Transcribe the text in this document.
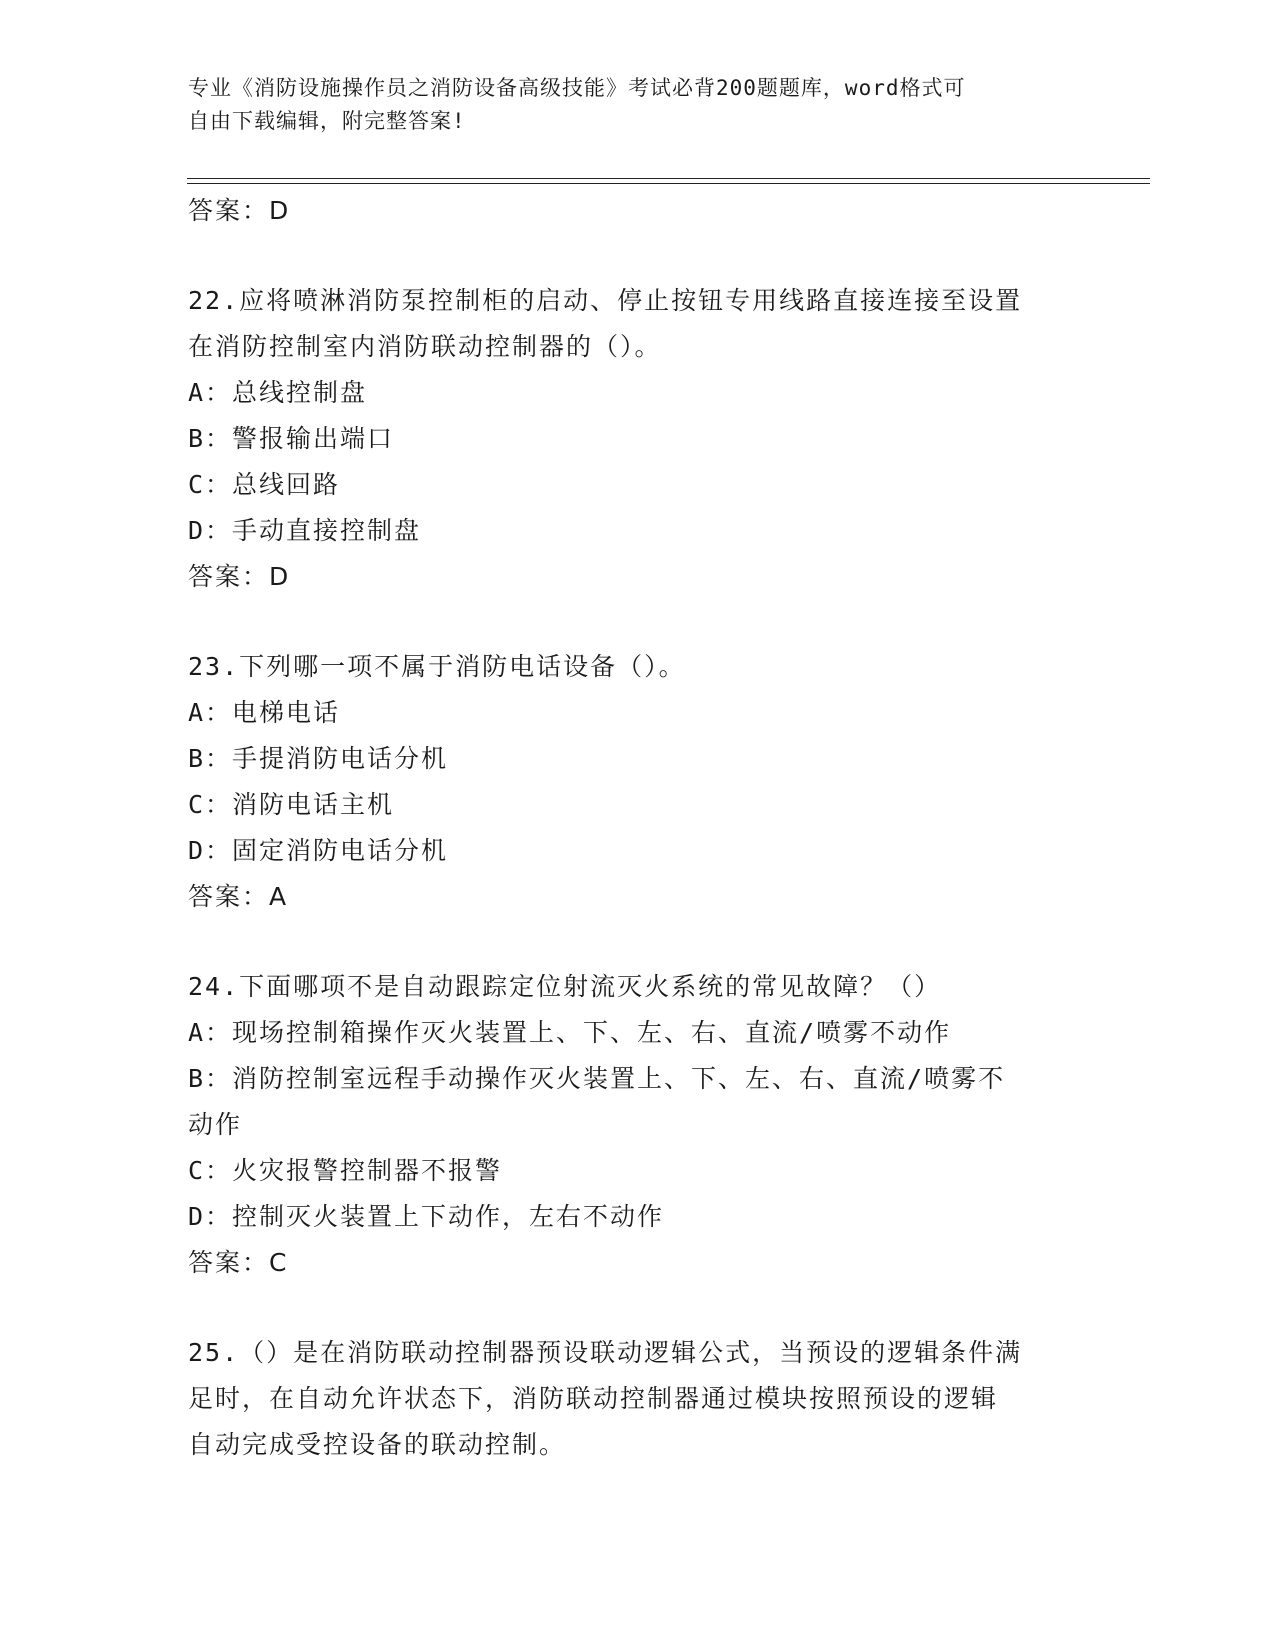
专业《消防设施操作员之消防设备高级技能》考试必背200题题库，word格式可
自由下载编辑，附完整答案!
答案：D
22.应将喷淋消防泵控制柜的启动、停止按钮专用线路直接连接至设置
在消防控制室内消防联动控制器的（）。
A：总线控制盘
B：警报输出端口
C：总线回路
D：手动直接控制盘
答案：D
23.下列哪一项不属于消防电话设备（）。
A：电梯电话
B：手提消防电话分机
C：消防电话主机
D：固定消防电话分机
答案：A
24.下面哪项不是自动跟踪定位射流灭火系统的常见故障？（）
A：现场控制箱操作灭火装置上、下、左、右、直流/喷雾不动作
B：消防控制室远程手动操作灭火装置上、下、左、右、直流/喷雾不
动作
C：火灾报警控制器不报警
D：控制灭火装置上下动作，左右不动作
答案：C
25.（）是在消防联动控制器预设联动逻辑公式，当预设的逻辑条件满
足时，在自动允许状态下，消防联动控制器通过模块按照预设的逻辑
自动完成受控设备的联动控制。
